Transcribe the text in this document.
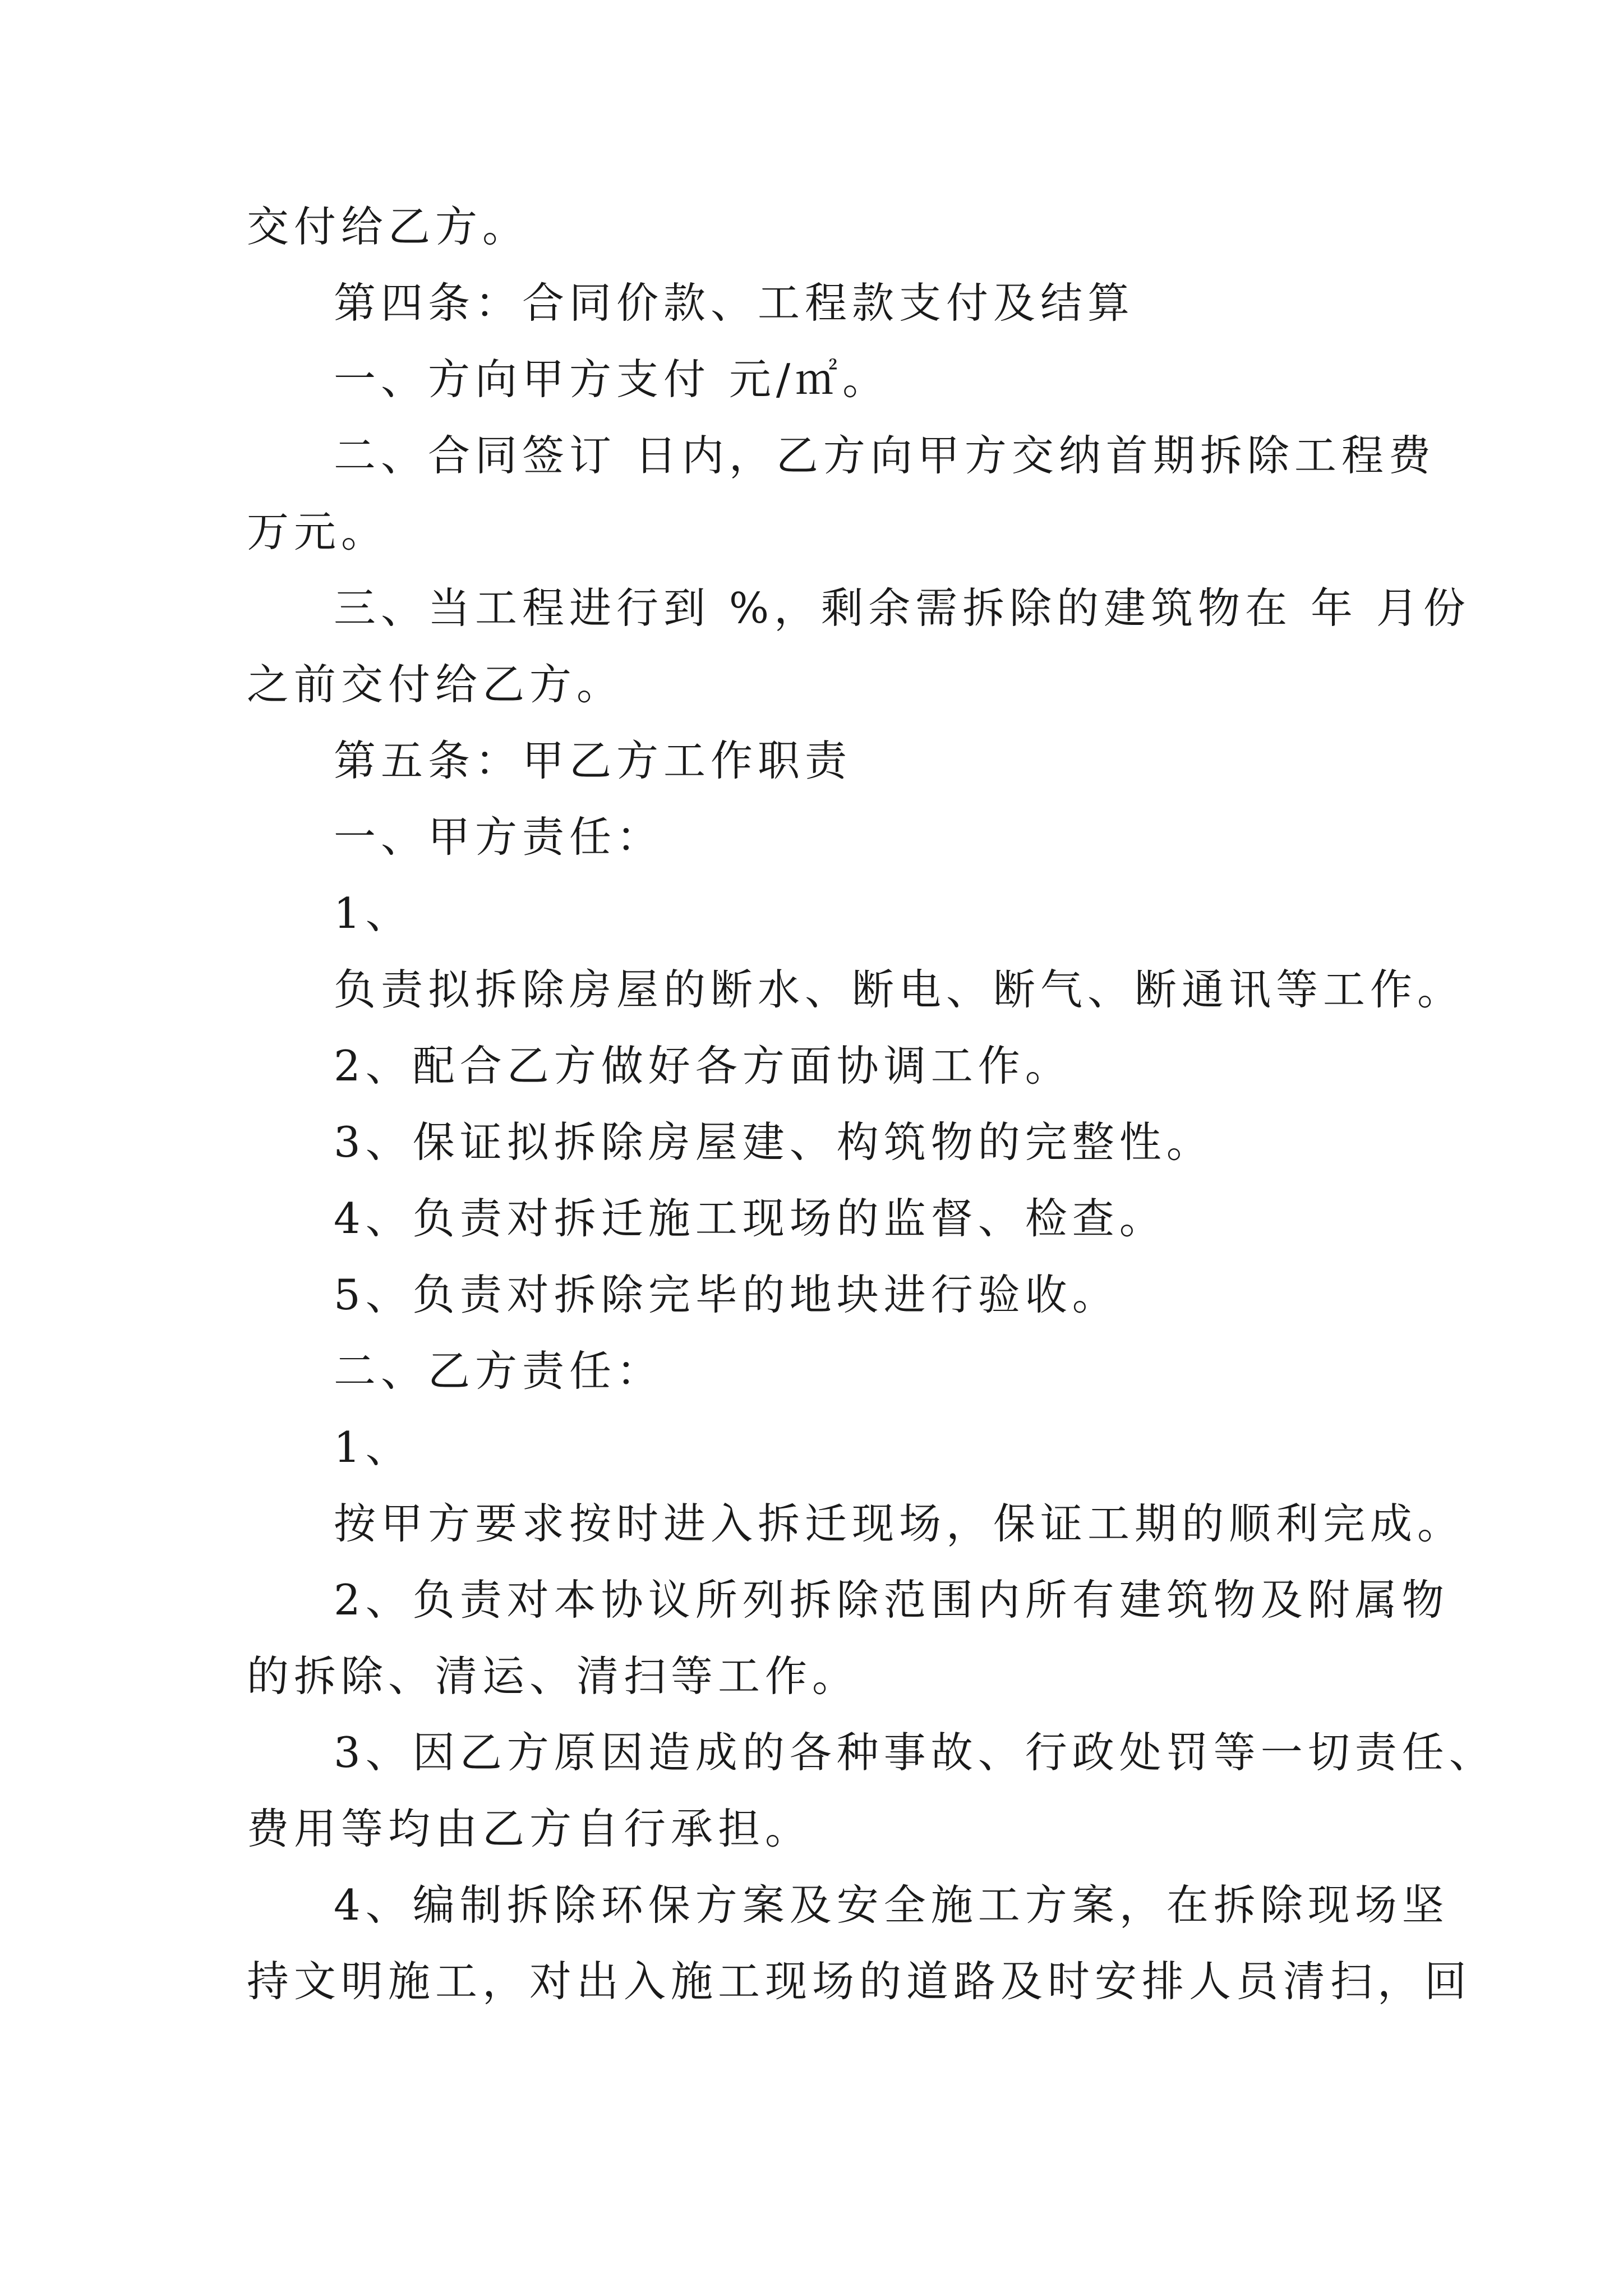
交付给乙方。
第四条：合同价款、工程款支付及结算
一、方向甲方支付 元/㎡。
二、合同签订 日内，乙方向甲方交纳首期拆除工程费
万元。
三、当工程进行到 %，剩余需拆除的建筑物在 年 月份
之前交付给乙方。
第五条：甲乙方工作职责
一、甲方责任：
1、
负责拟拆除房屋的断水、断电、断气、断通讯等工作。
2、配合乙方做好各方面协调工作。
3、保证拟拆除房屋建、构筑物的完整性。
4、负责对拆迁施工现场的监督、检查。
5、负责对拆除完毕的地块进行验收。
二、乙方责任：
1、
按甲方要求按时进入拆迁现场，保证工期的顺利完成。
2、负责对本协议所列拆除范围内所有建筑物及附属物
的拆除、清运、清扫等工作。
3、因乙方原因造成的各种事故、行政处罚等一切责任、
费用等均由乙方自行承担。
4、编制拆除环保方案及安全施工方案，在拆除现场坚
持文明施工，对出入施工现场的道路及时安排人员清扫，回
